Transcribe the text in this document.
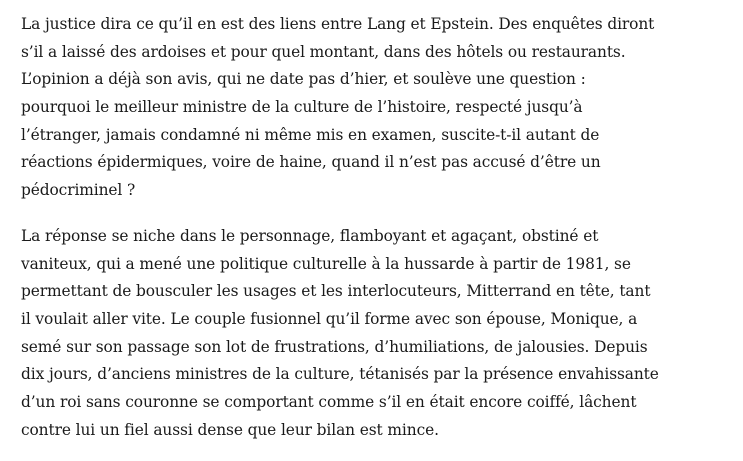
La justice dira ce qu’il en est des liens entre Lang et Epstein. Des enquêtes diront
s’il a laissé des ardoises et pour quel montant, dans des hôtels ou restaurants.
L’opinion a déjà son avis, qui ne date pas d’hier, et soulève une question :
pourquoi le meilleur ministre de la culture de l’histoire, respecté jusqu’à
l’étranger, jamais condamné ni même mis en examen, suscite-t-il autant de
réactions épidermiques, voire de haine, quand il n’est pas accusé d’être un
pédocriminel ?

La réponse se niche dans le personnage, flamboyant et agaçant, obstiné et
vaniteux, qui a mené une politique culturelle à la hussarde à partir de 1981, se
permettant de bousculer les usages et les interlocuteurs, Mitterrand en tête, tant
il voulait aller vite. Le couple fusionnel qu’il forme avec son épouse, Monique, a
semé sur son passage son lot de frustrations, d’humiliations, de jalousies. Depuis
dix jours, d’anciens ministres de la culture, tétanisés par la présence envahissante
d’un roi sans couronne se comportant comme s’il en était encore coiffé, lâchent
contre lui un fiel aussi dense que leur bilan est mince.
